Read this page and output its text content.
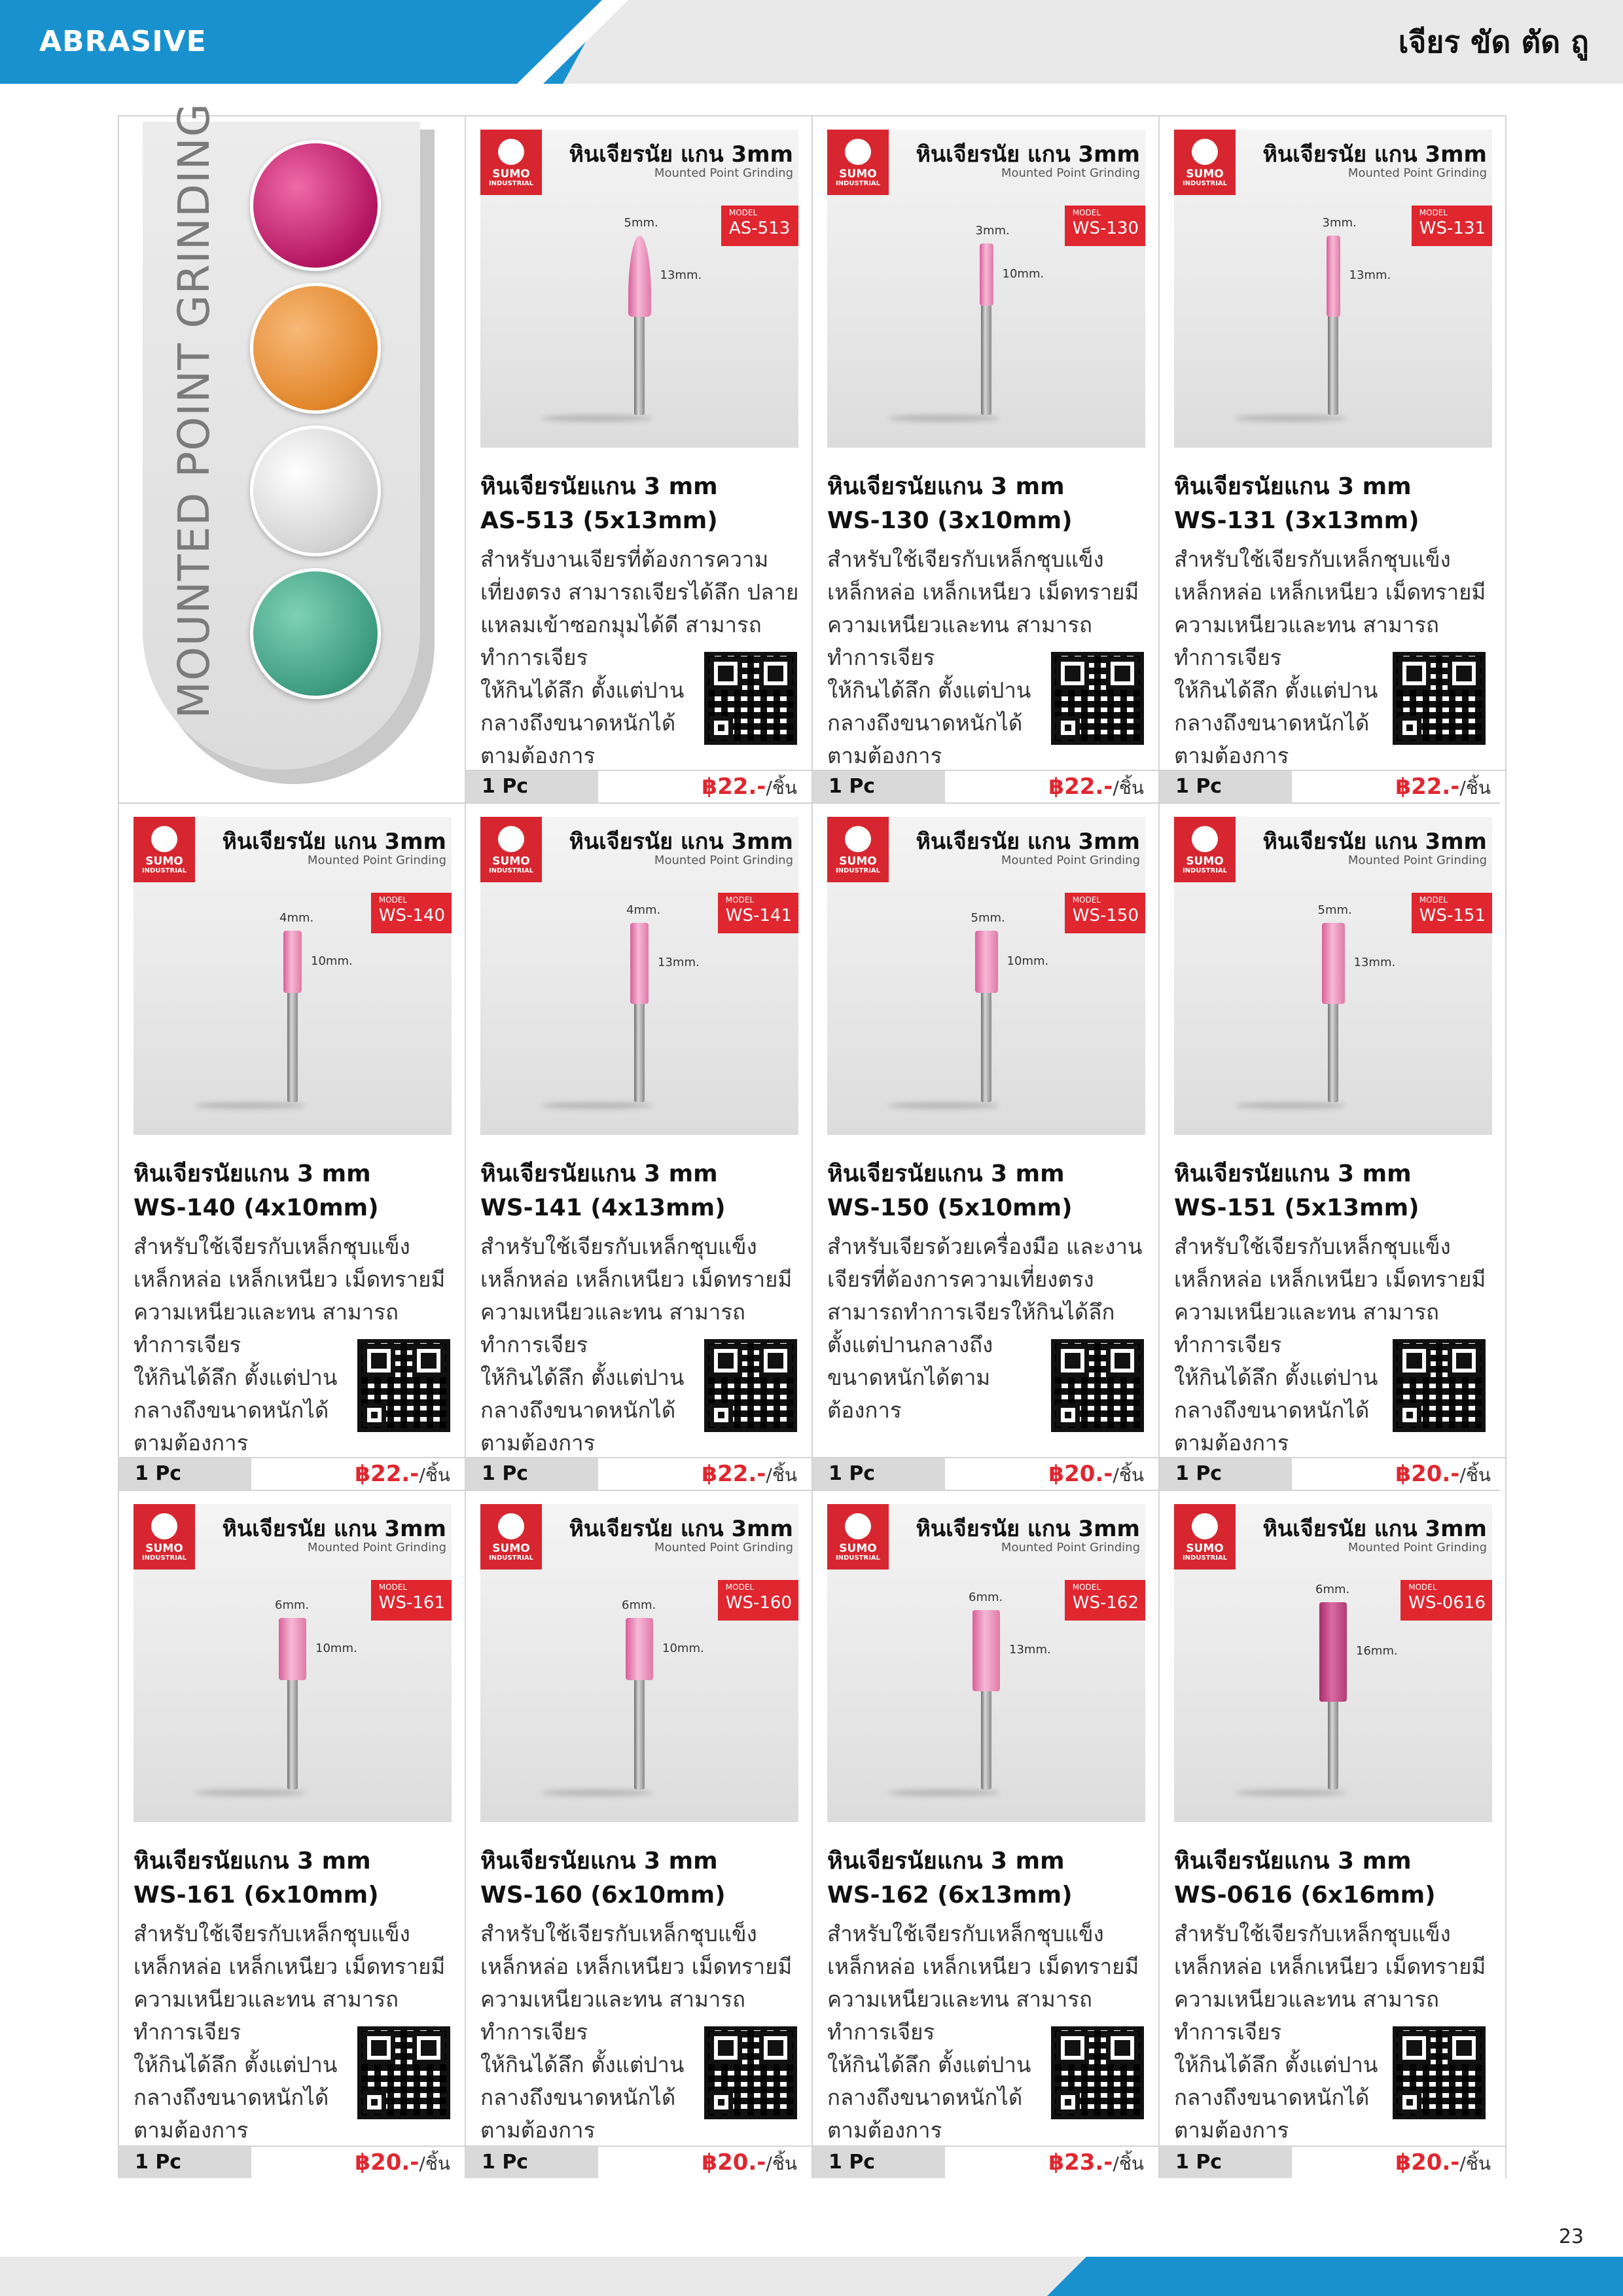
ABRASIVE	เจียร ขัด ตัด ถู
MOUNTED POINT GRINDING	SUMO
INDUSTRIAL
หินเจียรนัย แกน 3mm
Mounted Point Grinding
MODEL
AS-513
5mm.
13mm.
หินเจียรนัยแกน 3 mm
AS-513 (5x13mm)
สำหรับงานเจียรที่ต้องการความเที่ยงตรง สามารถเจียรได้ลึก ปลายแหลมเข้าซอกมุมได้ดี สามารถทำการเจียร
ให้กินได้ลึก ตั้งแต่ปานกลางถึงขนาดหนักได้ตามต้องการ
1 Pc	฿22.-/ชิ้น
SUMO
INDUSTRIAL
หินเจียรนัย แกน 3mm
Mounted Point Grinding
MODEL
WS-130
3mm.
10mm.
หินเจียรนัยแกน 3 mm
WS-130 (3x10mm)
สำหรับใช้เจียรกับเหล็กชุบแข็ง เหล็กหล่อ เหล็กเหนียว เม็ดทรายมีความเหนียวและทน สามารถทำการเจียร
ให้กินได้ลึก ตั้งแต่ปานกลางถึงขนาดหนักได้ตามต้องการ
1 Pc	฿22.-/ชิ้น
SUMO
INDUSTRIAL
หินเจียรนัย แกน 3mm
Mounted Point Grinding
MODEL
WS-131
3mm.
13mm.
หินเจียรนัยแกน 3 mm
WS-131 (3x13mm)
สำหรับใช้เจียรกับเหล็กชุบแข็ง เหล็กหล่อ เหล็กเหนียว เม็ดทรายมีความเหนียวและทน สามารถทำการเจียร
ให้กินได้ลึก ตั้งแต่ปานกลางถึงขนาดหนักได้ตามต้องการ
1 Pc	฿22.-/ชิ้น
SUMO
INDUSTRIAL
หินเจียรนัย แกน 3mm
Mounted Point Grinding
MODEL
WS-140
4mm.
10mm.
หินเจียรนัยแกน 3 mm
WS-140 (4x10mm)
สำหรับใช้เจียรกับเหล็กชุบแข็ง เหล็กหล่อ เหล็กเหนียว เม็ดทรายมีความเหนียวและทน สามารถทำการเจียร
ให้กินได้ลึก ตั้งแต่ปานกลางถึงขนาดหนักได้ตามต้องการ
1 Pc	฿22.-/ชิ้น
SUMO
INDUSTRIAL
หินเจียรนัย แกน 3mm
Mounted Point Grinding
MODEL
WS-141
4mm.
13mm.
หินเจียรนัยแกน 3 mm
WS-141 (4x13mm)
สำหรับใช้เจียรกับเหล็กชุบแข็ง เหล็กหล่อ เหล็กเหนียว เม็ดทรายมีความเหนียวและทน สามารถทำการเจียร
ให้กินได้ลึก ตั้งแต่ปานกลางถึงขนาดหนักได้ตามต้องการ
1 Pc	฿22.-/ชิ้น
SUMO
INDUSTRIAL
หินเจียรนัย แกน 3mm
Mounted Point Grinding
MODEL
WS-150
5mm.
10mm.
หินเจียรนัยแกน 3 mm
WS-150 (5x10mm)
สำหรับเจียรด้วยเครื่องมือ และงานเจียรที่ต้องการความเที่ยงตรง สามารถทำการเจียรให้กินได้ลึก
ตั้งแต่ปานกลางถึงขนาดหนักได้ตามต้องการ
1 Pc	฿20.-/ชิ้น
SUMO
INDUSTRIAL
หินเจียรนัย แกน 3mm
Mounted Point Grinding
MODEL
WS-151
5mm.
13mm.
หินเจียรนัยแกน 3 mm
WS-151 (5x13mm)
สำหรับใช้เจียรกับเหล็กชุบแข็ง เหล็กหล่อ เหล็กเหนียว เม็ดทรายมีความเหนียวและทน สามารถทำการเจียร
ให้กินได้ลึก ตั้งแต่ปานกลางถึงขนาดหนักได้ตามต้องการ
1 Pc	฿20.-/ชิ้น
SUMO
INDUSTRIAL
หินเจียรนัย แกน 3mm
Mounted Point Grinding
MODEL
WS-161
6mm.
10mm.
หินเจียรนัยแกน 3 mm
WS-161 (6x10mm)
สำหรับใช้เจียรกับเหล็กชุบแข็ง เหล็กหล่อ เหล็กเหนียว เม็ดทรายมีความเหนียวและทน สามารถทำการเจียร
ให้กินได้ลึก ตั้งแต่ปานกลางถึงขนาดหนักได้ตามต้องการ
1 Pc	฿20.-/ชิ้น
SUMO
INDUSTRIAL
หินเจียรนัย แกน 3mm
Mounted Point Grinding
MODEL
WS-160
6mm.
10mm.
หินเจียรนัยแกน 3 mm
WS-160 (6x10mm)
สำหรับใช้เจียรกับเหล็กชุบแข็ง เหล็กหล่อ เหล็กเหนียว เม็ดทรายมีความเหนียวและทน สามารถทำการเจียร
ให้กินได้ลึก ตั้งแต่ปานกลางถึงขนาดหนักได้ตามต้องการ
1 Pc	฿20.-/ชิ้น
SUMO
INDUSTRIAL
หินเจียรนัย แกน 3mm
Mounted Point Grinding
MODEL
WS-162
6mm.
13mm.
หินเจียรนัยแกน 3 mm
WS-162 (6x13mm)
สำหรับใช้เจียรกับเหล็กชุบแข็ง เหล็กหล่อ เหล็กเหนียว เม็ดทรายมีความเหนียวและทน สามารถทำการเจียร
ให้กินได้ลึก ตั้งแต่ปานกลางถึงขนาดหนักได้ตามต้องการ
1 Pc	฿23.-/ชิ้น
SUMO
INDUSTRIAL
หินเจียรนัย แกน 3mm
Mounted Point Grinding
MODEL
WS-0616
6mm.
16mm.
หินเจียรนัยแกน 3 mm
WS-0616 (6x16mm)
สำหรับใช้เจียรกับเหล็กชุบแข็ง เหล็กหล่อ เหล็กเหนียว เม็ดทรายมีความเหนียวและทน สามารถทำการเจียร
ให้กินได้ลึก ตั้งแต่ปานกลางถึงขนาดหนักได้ตามต้องการ
1 Pc	฿20.-/ชิ้น
23
